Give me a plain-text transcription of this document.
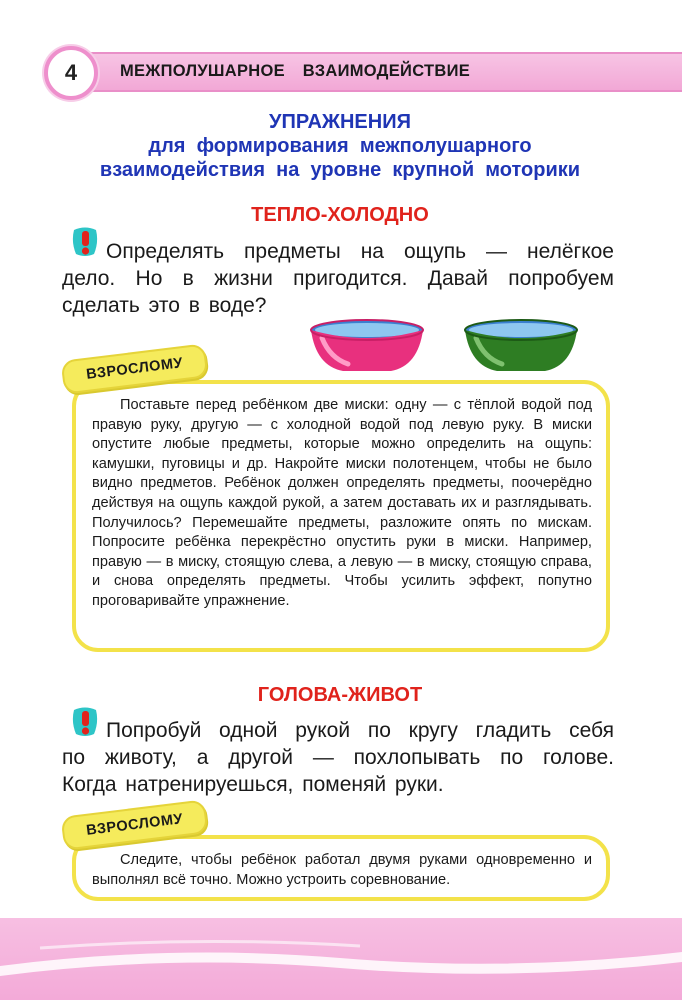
4	МЕЖПОЛУШАРНОЕ  ВЗАИМОДЕЙСТВИЕ
УПРАЖНЕНИЯ
для  формирования  межполушарного
взаимодействия  на  уровне  крупной  моторики
ТЕПЛО-ХОЛОДНО
Определять предметы на ощупь — нелёгкое
дело. Но в жизни пригодится. Давай попробуем
сделать это в воде?

Поставьте перед ребёнком две миски: одну — с тёплой водой под правую руку, другую — с холодной водой под левую руку. В миски опустите любые предметы, которые можно определить на ощупь: камушки, пуговицы и др. Накройте миски полотенцем, чтобы не было видно предметов. Ребёнок должен определять предметы, поочерёдно действуя на ощупь каждой рукой, а затем доставать их и разглядывать. Получилось? Перемешайте предметы, разложите опять по мискам. Попросите ребёнка перекрёстно опустить руки в миски. Например, правую — в миску, стоящую слева, а левую — в миску, стоящую справа, и снова определять предметы. Чтобы усилить эффект, попутно проговаривайте упражнение.

ВЗРОСЛОМУ
ГОЛОВА-ЖИВОТ
Попробуй одной рукой по кругу гладить себя
по животу, а другой — похлопывать по голове.
Когда натренируешься, поменяй руки.

Следите, чтобы ребёнок работал двумя руками одновременно и выполнял всё точно. Можно устроить соревнование.

ВЗРОСЛОМУ
